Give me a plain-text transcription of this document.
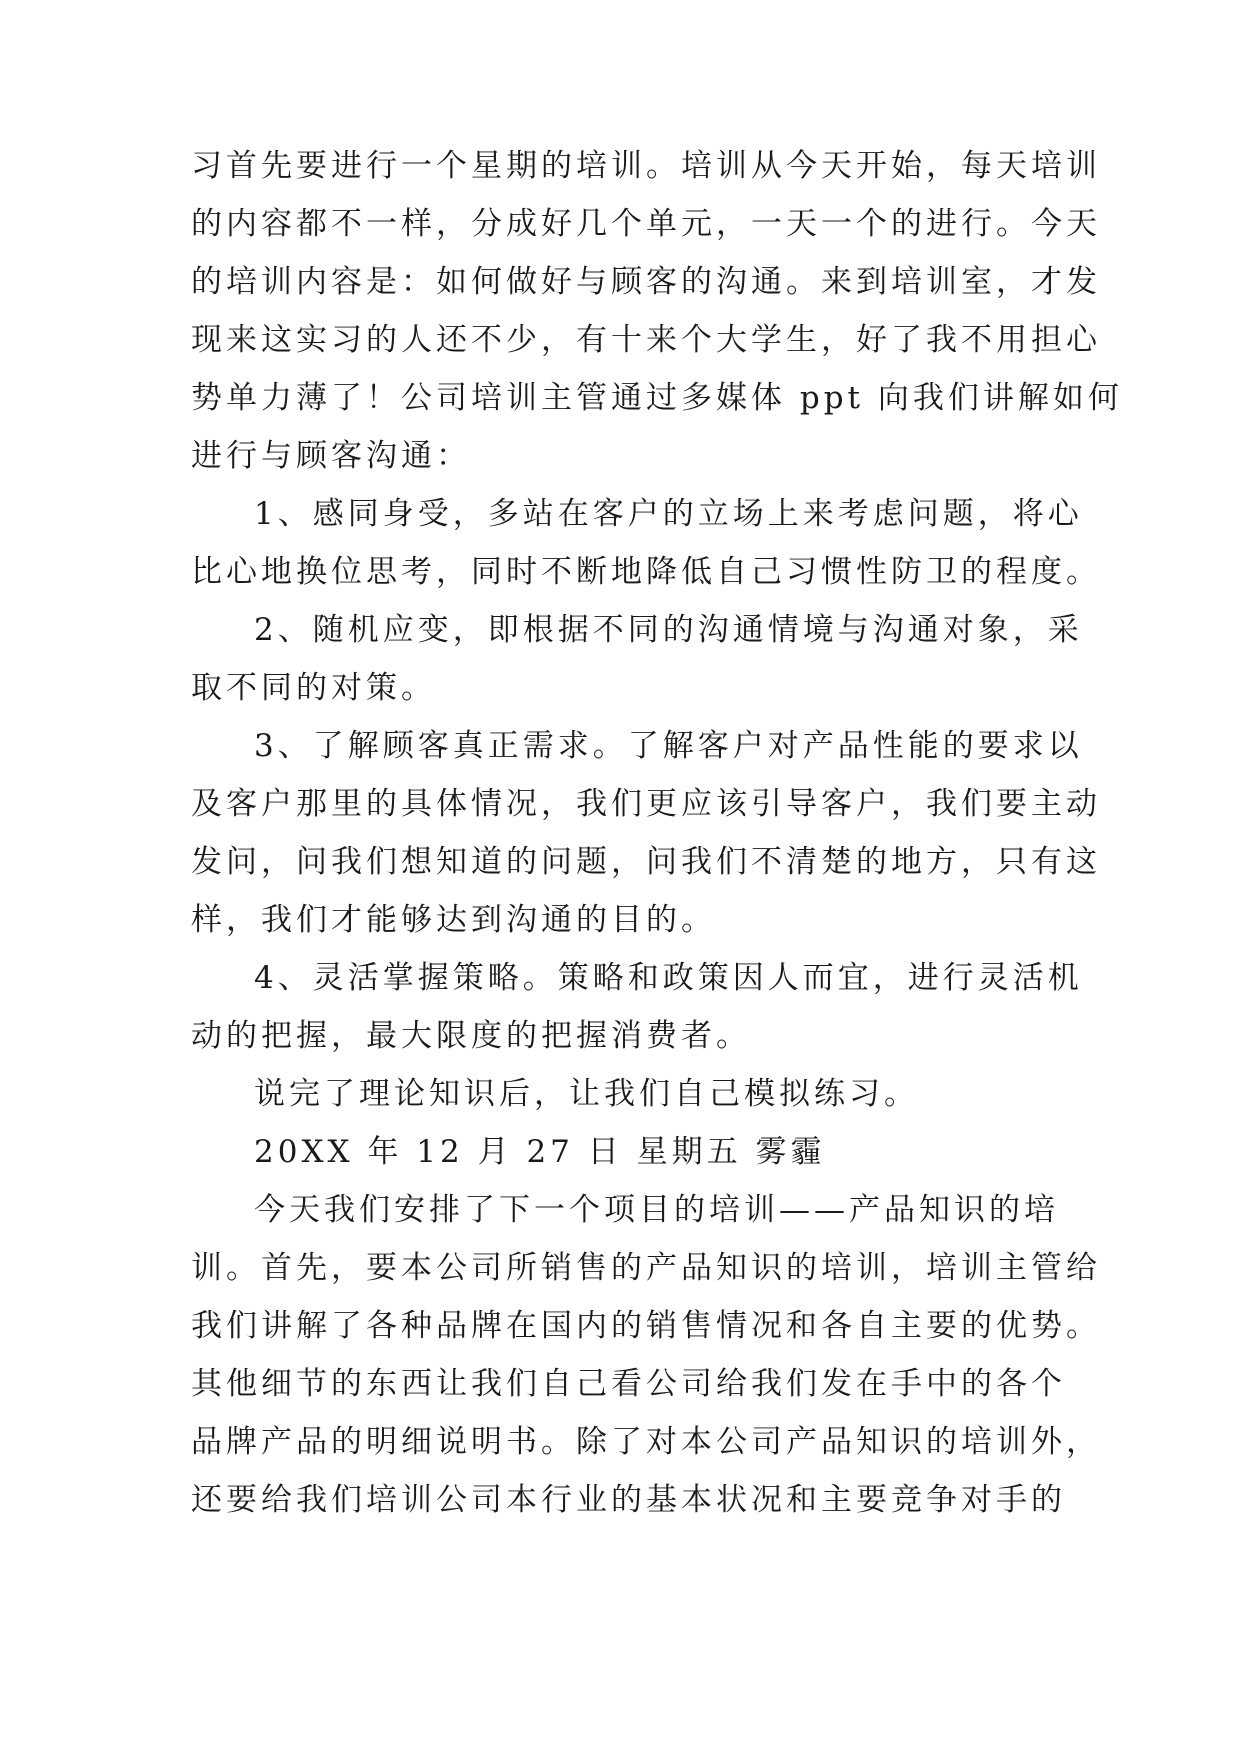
习首先要进行一个星期的培训。培训从今天开始，每天培训
的内容都不一样，分成好几个单元，一天一个的进行。今天
的培训内容是：如何做好与顾客的沟通。来到培训室，才发
现来这实习的人还不少，有十来个大学生，好了我不用担心
势单力薄了！公司培训主管通过多媒体 ppt 向我们讲解如何
进行与顾客沟通：
1、感同身受，多站在客户的立场上来考虑问题，将心
比心地换位思考，同时不断地降低自己习惯性防卫的程度。
2、随机应变，即根据不同的沟通情境与沟通对象，采
取不同的对策。
3、了解顾客真正需求。了解客户对产品性能的要求以
及客户那里的具体情况，我们更应该引导客户，我们要主动
发问，问我们想知道的问题，问我们不清楚的地方，只有这
样，我们才能够达到沟通的目的。
4、灵活掌握策略。策略和政策因人而宜，进行灵活机
动的把握，最大限度的把握消费者。
说完了理论知识后，让我们自己模拟练习。
20XX 年 12 月 27 日 星期五 雾霾
今天我们安排了下一个项目的培训——产品知识的培
训。首先，要本公司所销售的产品知识的培训，培训主管给
我们讲解了各种品牌在国内的销售情况和各自主要的优势。
其他细节的东西让我们自己看公司给我们发在手中的各个
品牌产品的明细说明书。除了对本公司产品知识的培训外，
还要给我们培训公司本行业的基本状况和主要竞争对手的
